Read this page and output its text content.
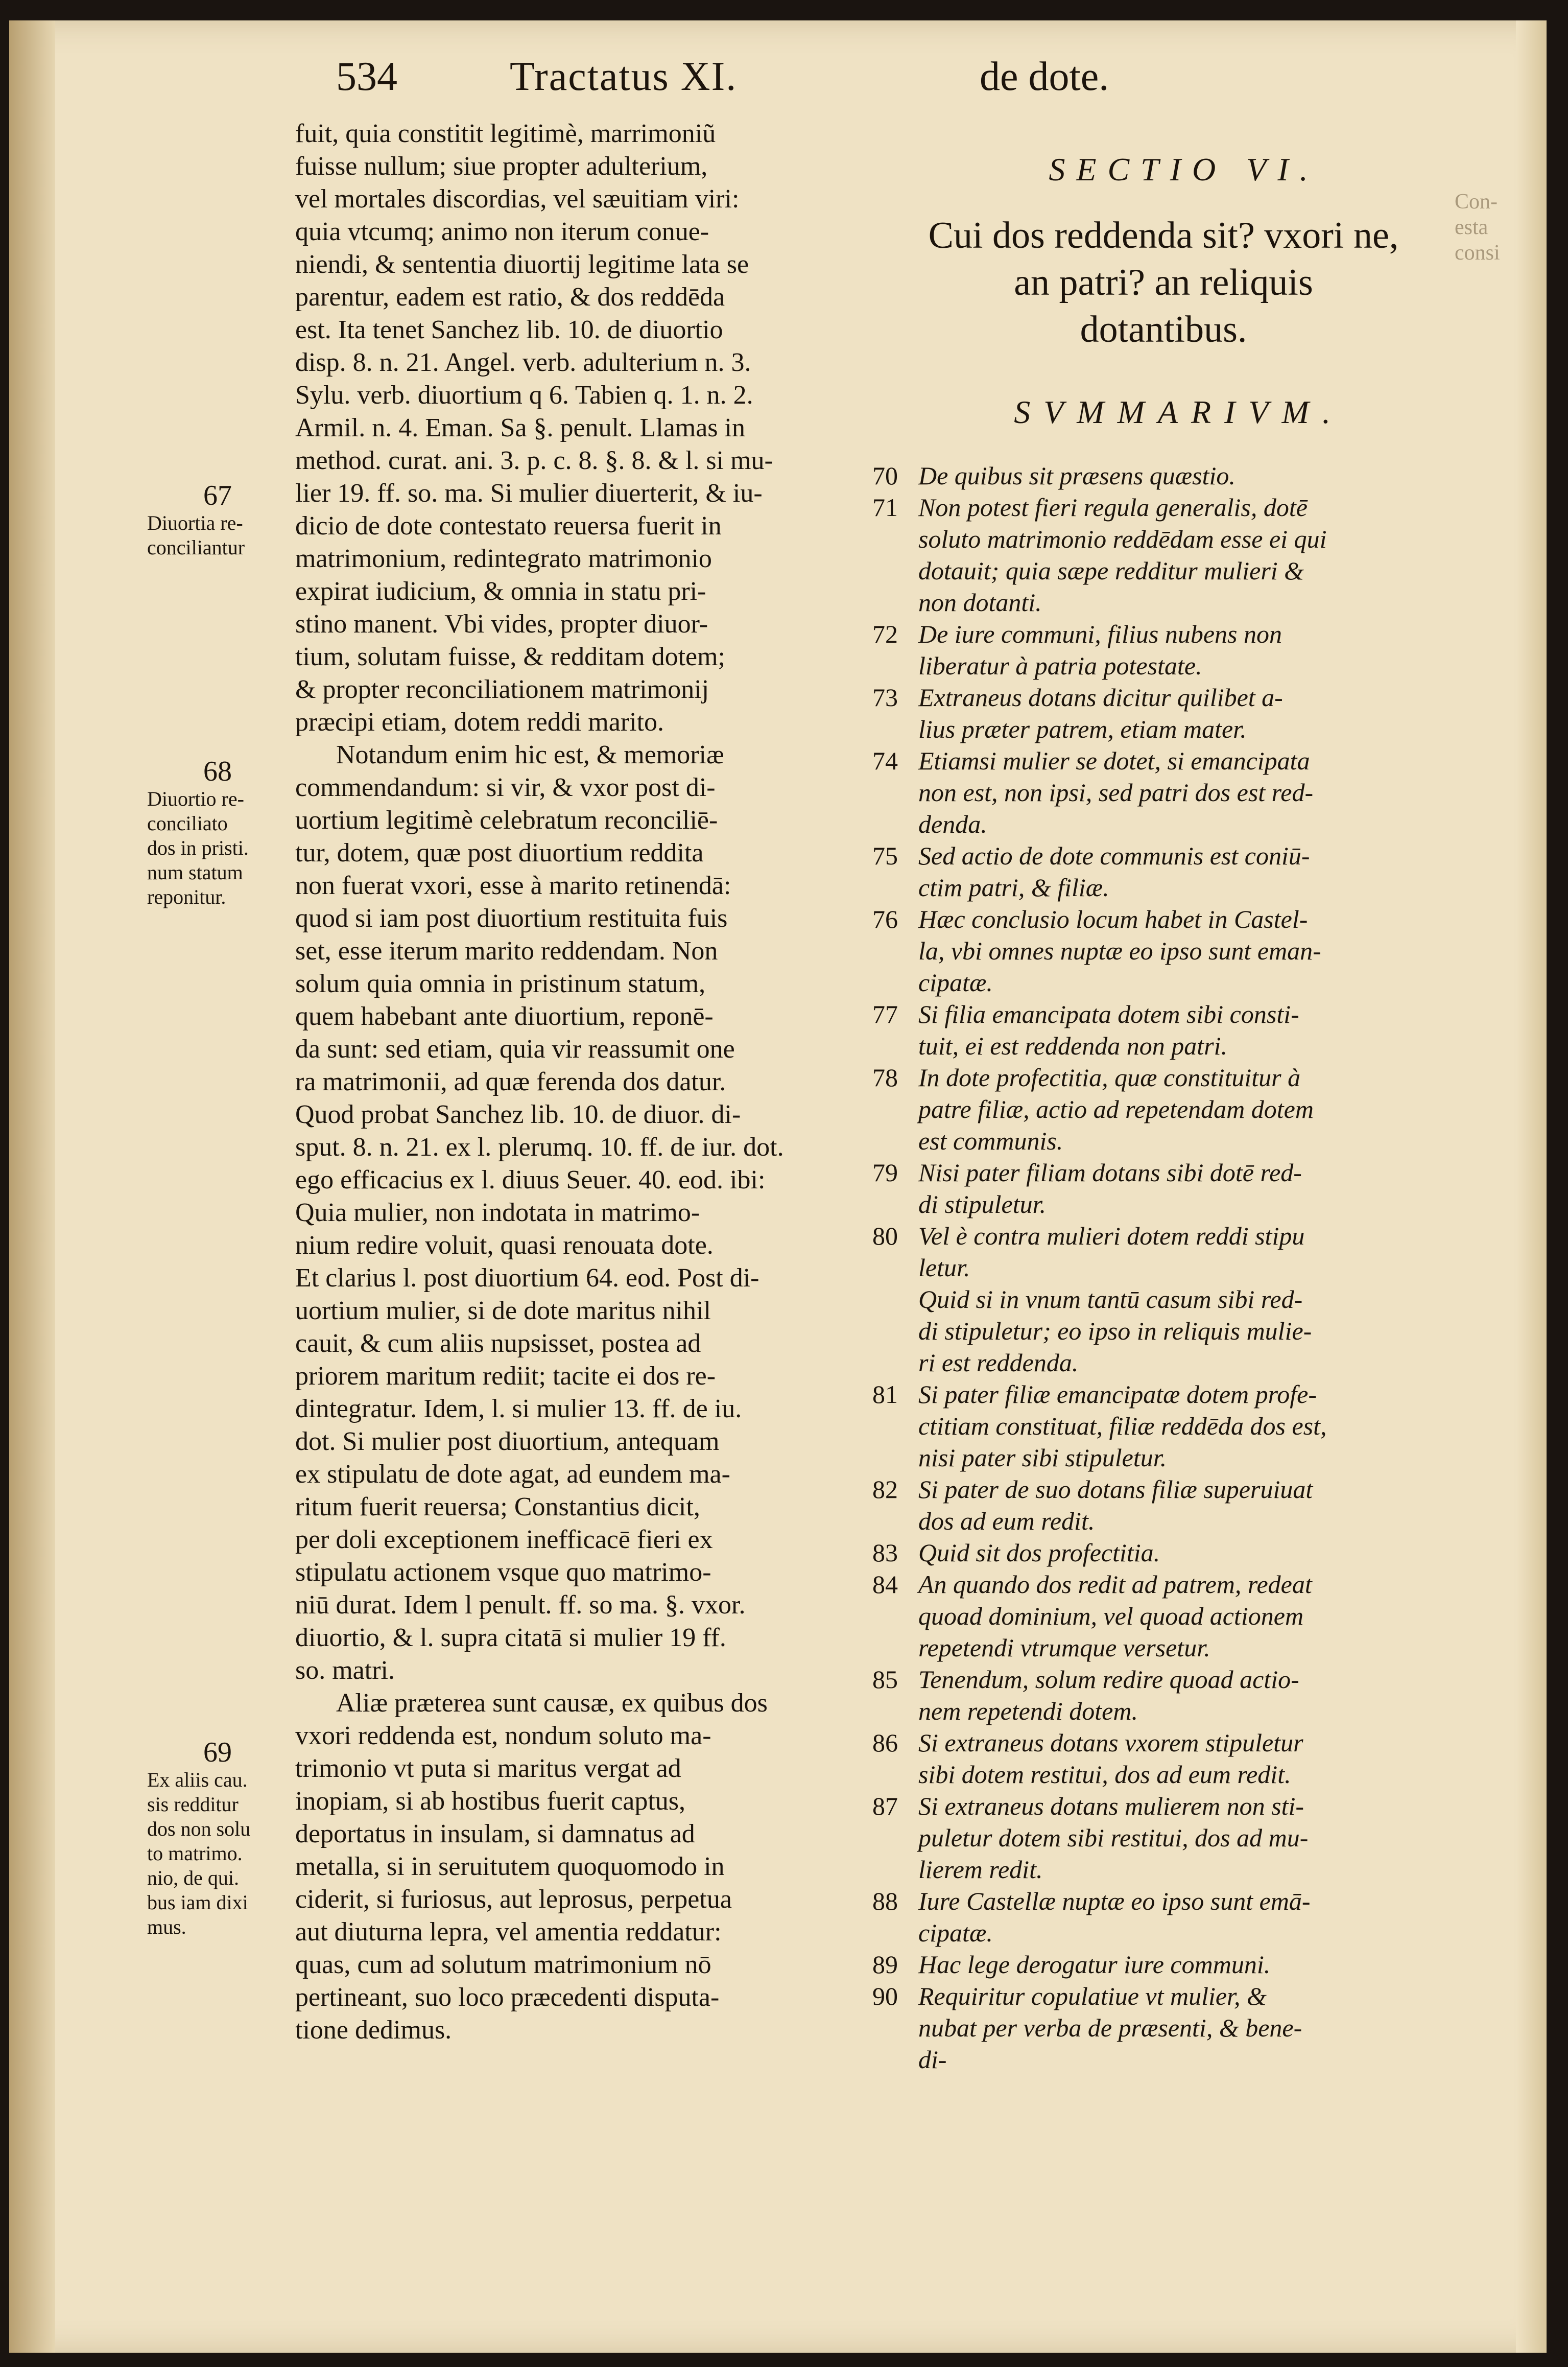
534	Tractatus XI.	de dote.
fuit, quia constitit legitimè, marrimoniũ
fuisse nullum; siue propter adulterium,
vel mortales discordias, vel sæuitiam viri:
quia vtcumq; animo non iterum conue-
niendi, & sententia diuortij legitime lata se
parentur, eadem est ratio, & dos reddēda
est. Ita tenet Sanchez lib. 10. de diuortio
disp. 8. n. 21. Angel. verb. adulterium n. 3.
Sylu. verb. diuortium q 6. Tabien q. 1. n. 2.
Armil. n. 4. Eman. Sa §. penult. Llamas in
method. curat. ani. 3. p. c. 8. §. 8. & l. si mu-
lier 19. ff. so. ma. Si mulier diuerterit, & iu-
dicio de dote contestato reuersa fuerit in
matrimonium, redintegrato matrimonio
expirat iudicium, & omnia in statu pri-
stino manent. Vbi vides, propter diuor-
tium, solutam fuisse, & redditam dotem;
& propter reconciliationem matrimonij
præcipi etiam, dotem reddi marito.
Notandum enim hic est, & memoriæ
commendandum: si vir, & vxor post di-
uortium legitimè celebratum reconciliē-
tur, dotem, quæ post diuortium reddita
non fuerat vxori, esse à marito retinendā:
quod si iam post diuortium restituita fuis
set, esse iterum marito reddendam. Non
solum quia omnia in pristinum statum,
quem habebant ante diuortium, reponē-
da sunt: sed etiam, quia vir reassumit one
ra matrimonii, ad quæ ferenda dos datur.
Quod probat Sanchez lib. 10. de diuor. di-
sput. 8. n. 21. ex l. plerumq. 10. ff. de iur. dot.
ego efficacius ex l. diuus Seuer. 40. eod. ibi:
Quia mulier, non indotata in matrimo-
nium redire voluit, quasi renouata dote.
Et clarius l. post diuortium 64. eod. Post di-
uortium mulier, si de dote maritus nihil
cauit, & cum aliis nupsisset, postea ad
priorem maritum rediit; tacite ei dos re-
dintegratur. Idem, l. si mulier 13. ff. de iu.
dot. Si mulier post diuortium, antequam
ex stipulatu de dote agat, ad eundem ma-
ritum fuerit reuersa; Constantius dicit,
per doli exceptionem inefficacē fieri ex
stipulatu actionem vsque quo matrimo-
niū durat. Idem l penult. ff. so ma. §. vxor.
diuortio, & l. supra citatā si mulier 19 ff.
so. matri.
Aliæ præterea sunt causæ, ex quibus dos
vxori reddenda est, nondum soluto ma-
trimonio vt puta si maritus vergat ad
inopiam, si ab hostibus fuerit captus,
deportatus in insulam, si damnatus ad
metalla, si in seruitutem quoquomodo in
ciderit, si furiosus, aut leprosus, perpetua
aut diuturna lepra, vel amentia reddatur:
quas, cum ad solutum matrimonium nō
pertineant, suo loco præcedenti disputa-
tione dedimus.
67
Diuortia re-
conciliantur
68
Diuortio re-
conciliato
dos in pristi.
num statum
reponitur.
69
Ex aliis cau.
sis redditur
dos non solu
to matrimo.
nio, de qui.
bus iam dixi
mus.
SECTIO VI.
Cui dos reddenda sit? vxori ne,
an patri? an reliquis
dotantibus.
SVMMARIVM.
70 De quibus sit præsens quæstio.
71 Non potest fieri regula generalis, dotē
soluto matrimonio reddēdam esse ei qui
dotauit; quia sæpe redditur mulieri &
non dotanti.
72 De iure communi, filius nubens non
liberatur à patria potestate.
73 Extraneus dotans dicitur quilibet a-
lius præter patrem, etiam mater.
74 Etiamsi mulier se dotet, si emancipata
non est, non ipsi, sed patri dos est red-
denda.
75 Sed actio de dote communis est coniū-
ctim patri, & filiæ.
76 Hæc conclusio locum habet in Castel-
la, vbi omnes nuptæ eo ipso sunt eman-
cipatæ.
77 Si filia emancipata dotem sibi consti-
tuit, ei est reddenda non patri.
78 In dote profectitia, quæ constituitur à
patre filiæ, actio ad repetendam dotem
est communis.
79 Nisi pater filiam dotans sibi dotē red-
di stipuletur.
80 Vel è contra mulieri dotem reddi stipu
letur.
Quid si in vnum tantū casum sibi red-
di stipuletur; eo ipso in reliquis mulie-
ri est reddenda.
81 Si pater filiæ emancipatæ dotem profe-
ctitiam constituat, filiæ reddēda dos est,
nisi pater sibi stipuletur.
82 Si pater de suo dotans filiæ superuiuat
dos ad eum redit.
83 Quid sit dos profectitia.
84 An quando dos redit ad patrem, redeat
quoad dominium, vel quoad actionem
repetendi vtrumque versetur.
85 Tenendum, solum redire quoad actio-
nem repetendi dotem.
86 Si extraneus dotans vxorem stipuletur
sibi dotem restitui, dos ad eum redit.
87 Si extraneus dotans mulierem non sti-
puletur dotem sibi restitui, dos ad mu-
lierem redit.
88 Iure Castellæ nuptæ eo ipso sunt emā-
cipatæ.
89 Hac lege derogatur iure communi.
90 Requiritur copulatiue vt mulier, &
nubat per verba de præsenti, & bene-
di-
Con-
esta
consi
